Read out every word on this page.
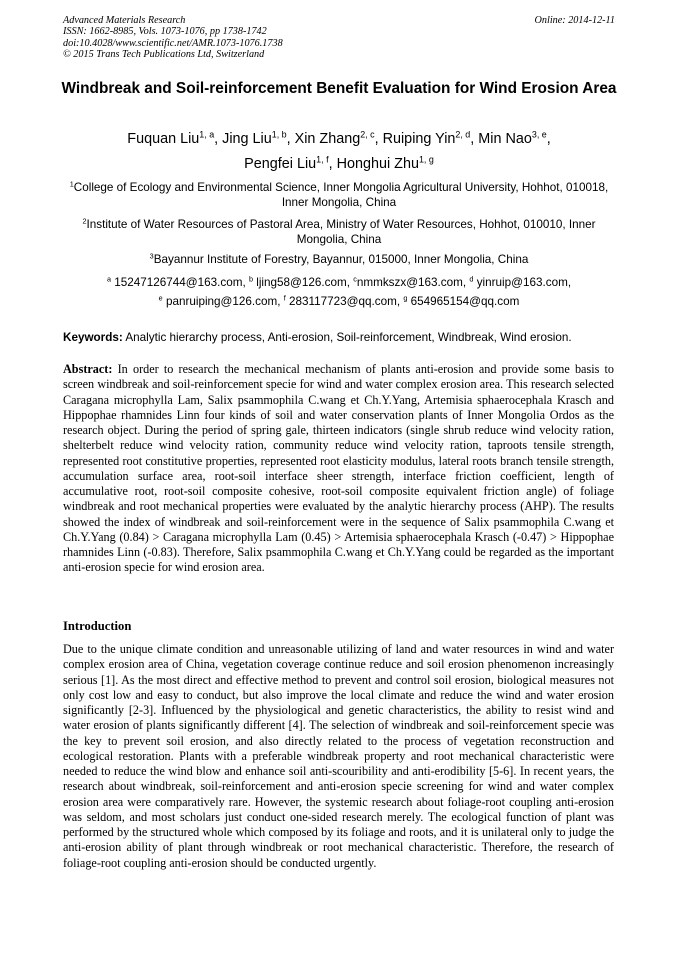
Advanced Materials Research
ISSN: 1662-8985, Vols. 1073-1076, pp 1738-1742
doi:10.4028/www.scientific.net/AMR.1073-1076.1738
© 2015 Trans Tech Publications Ltd, Switzerland
Online: 2014-12-11
Windbreak and Soil-reinforcement Benefit Evaluation for Wind Erosion Area
Fuquan Liu$^{1, a}$, Jing Liu$^{1, b}$, Xin Zhang$^{2, c}$, Ruiping Yin$^{2, d}$, Min Nao$^{3, e}$,
Pengfei Liu$^{1, f}$, Honghui Zhu$^{1, g}$
$^1$College of Ecology and Environmental Science, Inner Mongolia Agricultural University, Hohhot, 010018, Inner Mongolia, China
$^2$Institute of Water Resources of Pastoral Area, Ministry of Water Resources, Hohhot, 010010, Inner Mongolia, China
$^3$Bayannur Institute of Forestry, Bayannur, 015000, Inner Mongolia, China
$^a$ 15247126744@163.com, $^b$ ljing58@126.com, $^c$nmmkszx@163.com, $^d$ yinruip@163.com,
$^e$ panruiping@126.com, $^f$ 283117723@qq.com, $^g$ 654965154@qq.com
Keywords: Analytic hierarchy process, Anti-erosion, Soil-reinforcement, Windbreak, Wind erosion.
Abstract: In order to research the mechanical mechanism of plants anti-erosion and provide some basis to screen windbreak and soil-reinforcement specie for wind and water complex erosion area. This research selected Caragana microphylla Lam, Salix psammophila C.wang et Ch.Y.Yang, Artemisia sphaerocephala Krasch and Hippophae rhamnides Linn four kinds of soil and water conservation plants of Inner Mongolia Ordos as the research object. During the period of spring gale, thirteen indicators (single shrub reduce wind velocity ration, shelterbelt reduce wind velocity ration, community reduce wind velocity ration, taproots tensile strength, represented root constitutive properties, represented root elasticity modulus, lateral roots branch tensile strength, accumulation surface area, root-soil interface sheer strength, interface friction coefficient, length of accumulative root, root-soil composite cohesive, root-soil composite equivalent friction angle) of foliage windbreak and root mechanical properties were evaluated by the analytic hierarchy process (AHP). The results showed the index of windbreak and soil-reinforcement were in the sequence of Salix psammophila C.wang et Ch.Y.Yang (0.84) > Caragana microphylla Lam (0.45) > Artemisia sphaerocephala Krasch (-0.47) > Hippophae rhamnides Linn (-0.83). Therefore, Salix psammophila C.wang et Ch.Y.Yang could be regarded as the important anti-erosion specie for wind erosion area.
Introduction
Due to the unique climate condition and unreasonable utilizing of land and water resources in wind and water complex erosion area of China, vegetation coverage continue reduce and soil erosion phenomenon increasingly serious [1]. As the most direct and effective method to prevent and control soil erosion, biological measures not only cost low and easy to conduct, but also improve the local climate and reduce the wind and water erosion significantly [2-3]. Influenced by the physiological and genetic characteristics, the ability to resist wind and water erosion of plants significantly different [4]. The selection of windbreak and soil-reinforcement specie was the key to prevent soil erosion, and also directly related to the process of vegetation reconstruction and ecological restoration. Plants with a preferable windbreak property and root mechanical characteristic were needed to reduce the wind blow and enhance soil anti-scouribility and anti-erodibility [5-6]. In recent years, the research about windbreak, soil-reinforcement and anti-erosion specie screening for wind and water complex erosion area were comparatively rare. However, the systemic research about foliage-root coupling anti-erosion was seldom, and most scholars just conduct one-sided research merely. The ecological function of plant was performed by the structured whole which composed by its foliage and roots, and it is unilateral only to judge the anti-erosion ability of plant through windbreak or root mechanical characteristic. Therefore, the research of foliage-root coupling anti-erosion should be conducted urgently.
